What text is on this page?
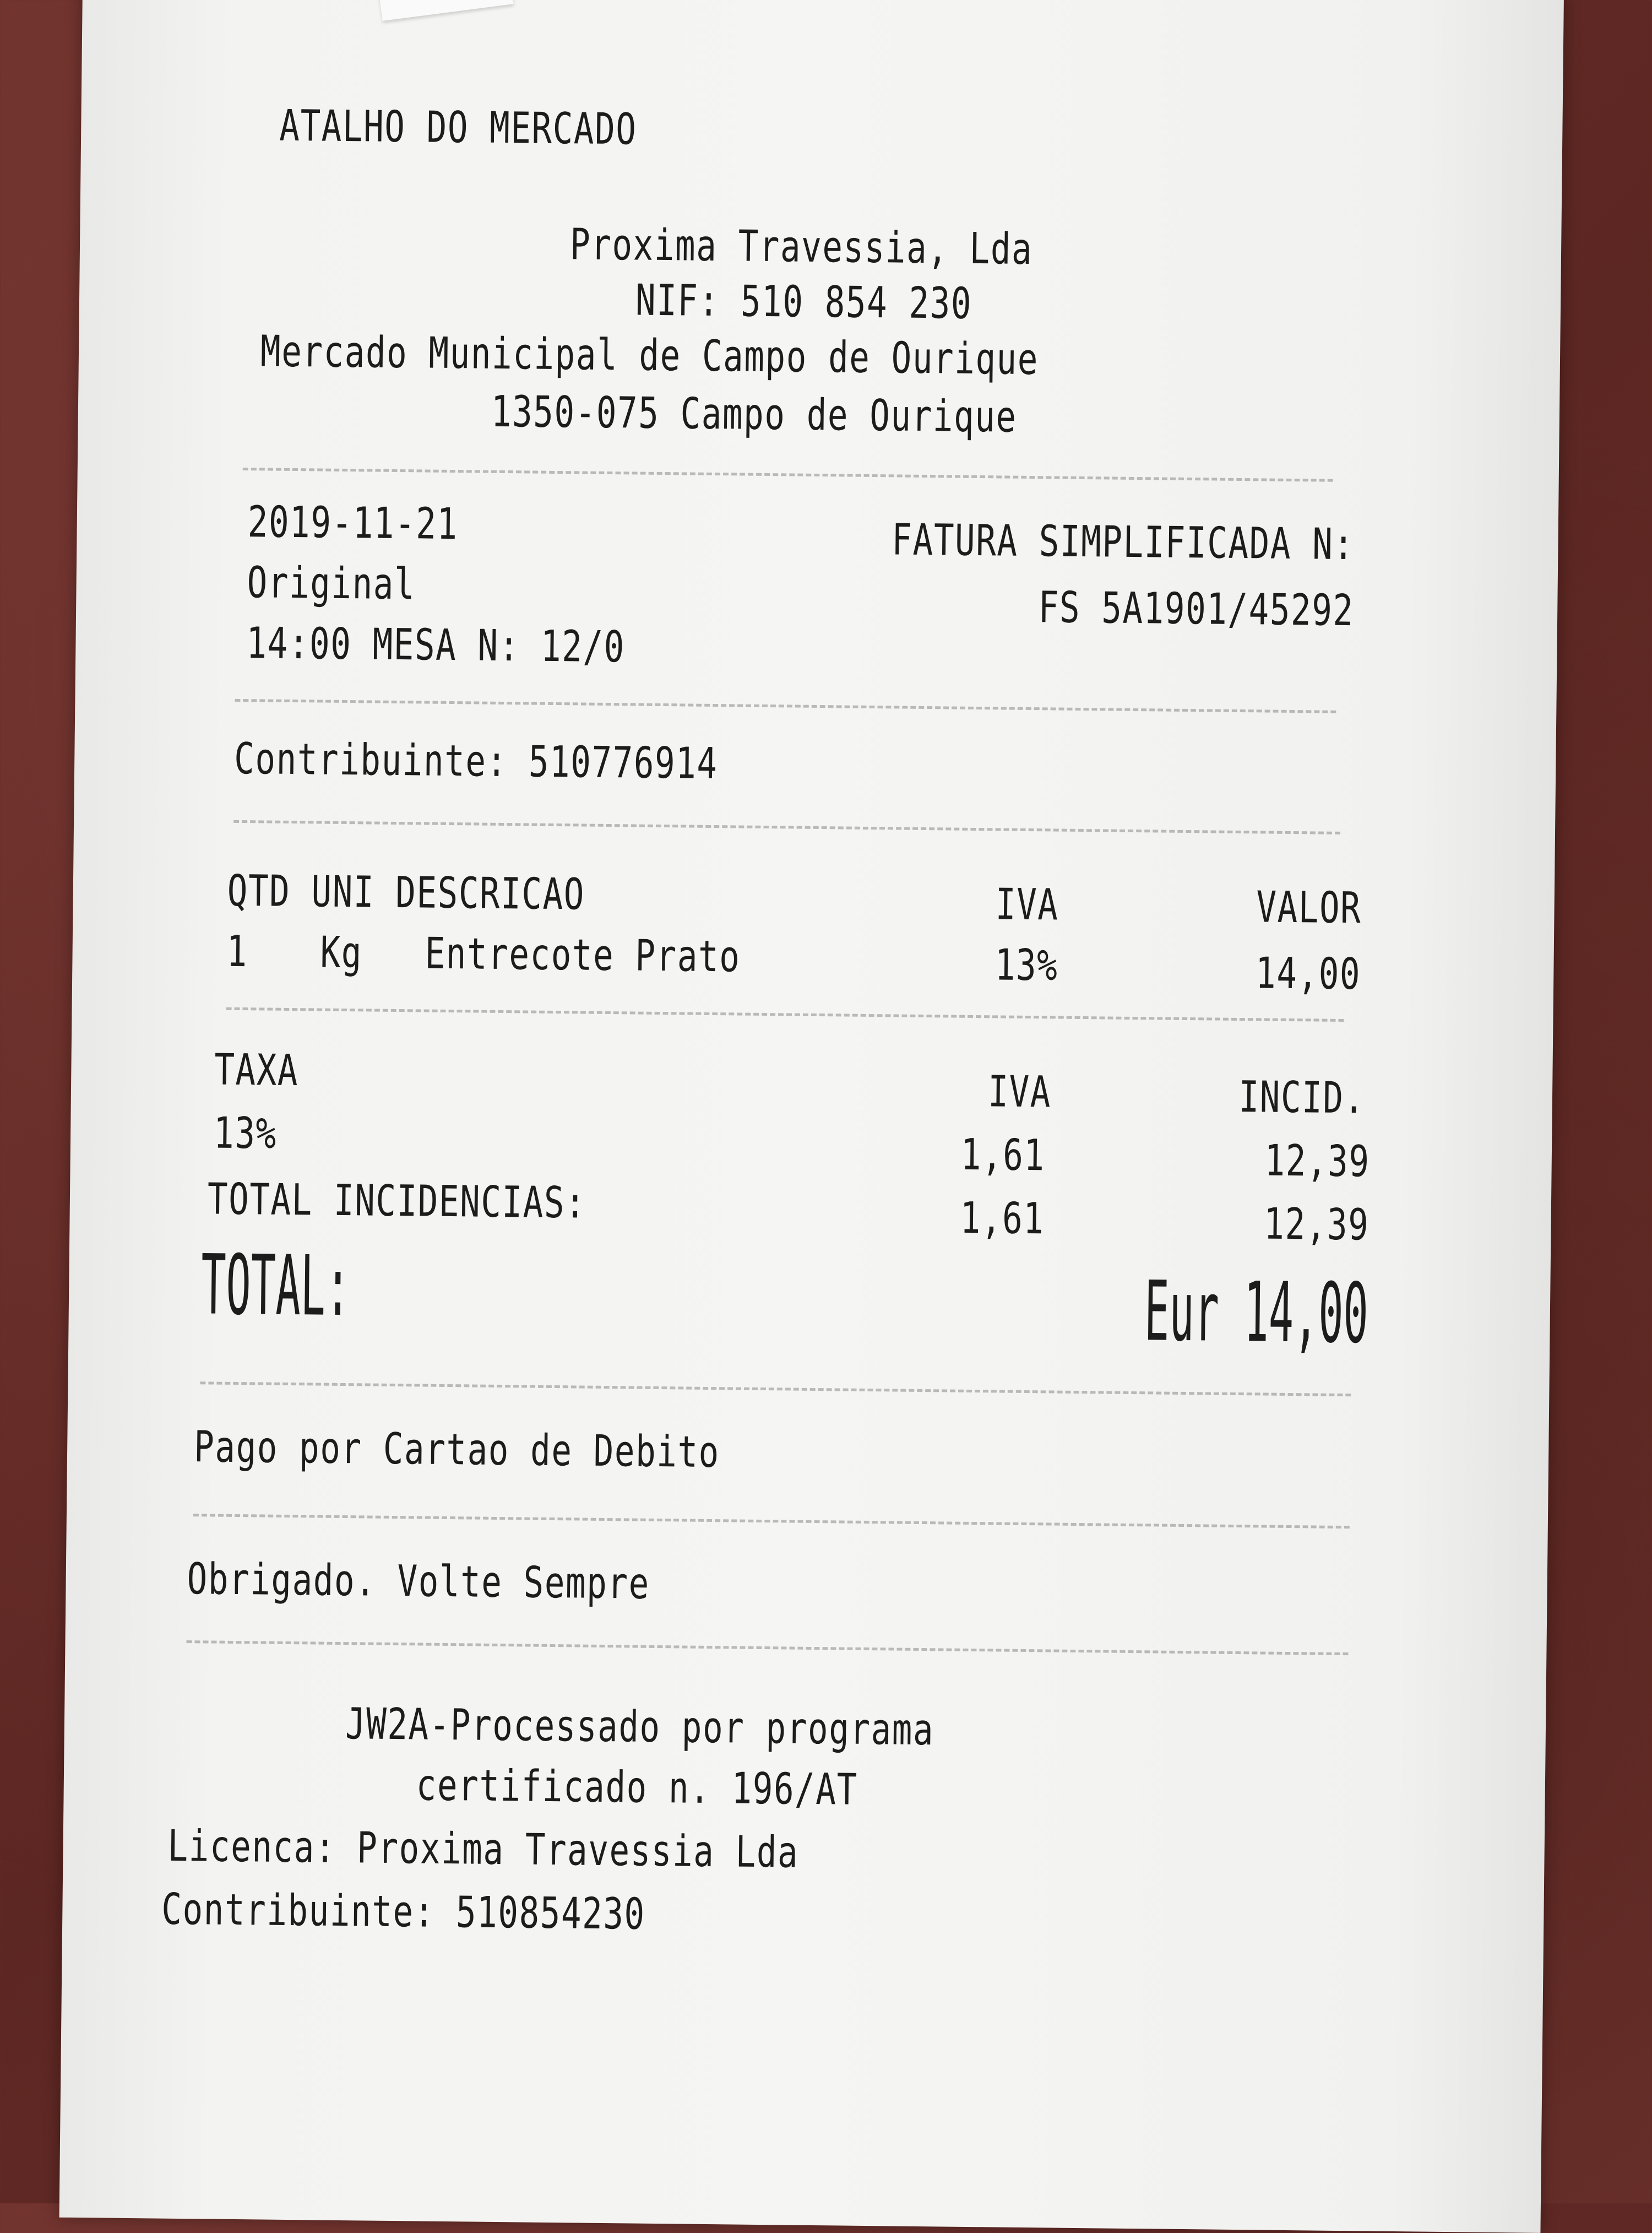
ATALHO DO MERCADO
Proxima Travessia, Lda
NIF: 510 854 230
Mercado Municipal de Campo de Ourique
1350-075 Campo de Ourique
2019-11-21	FATURA SIMPLIFICADA N:
Original	FS 5A1901/45292
14:00 MESA N: 12/0
Contribuinte: 510776914
QTD UNI DESCRICAO	IVA	VALOR
1 Kg Entrecote Prato	13%	14,00
TAXA	IVA	INCID.
13%	1,61	12,39
TOTAL INCIDENCIAS:	1,61	12,39
TOTAL:	Eur 14,00
Pago por Cartao de Debito
Obrigado. Volte Sempre
JW2A-Processado por programa
certificado n. 196/AT
Licenca: Proxima Travessia Lda
Contribuinte: 510854230
